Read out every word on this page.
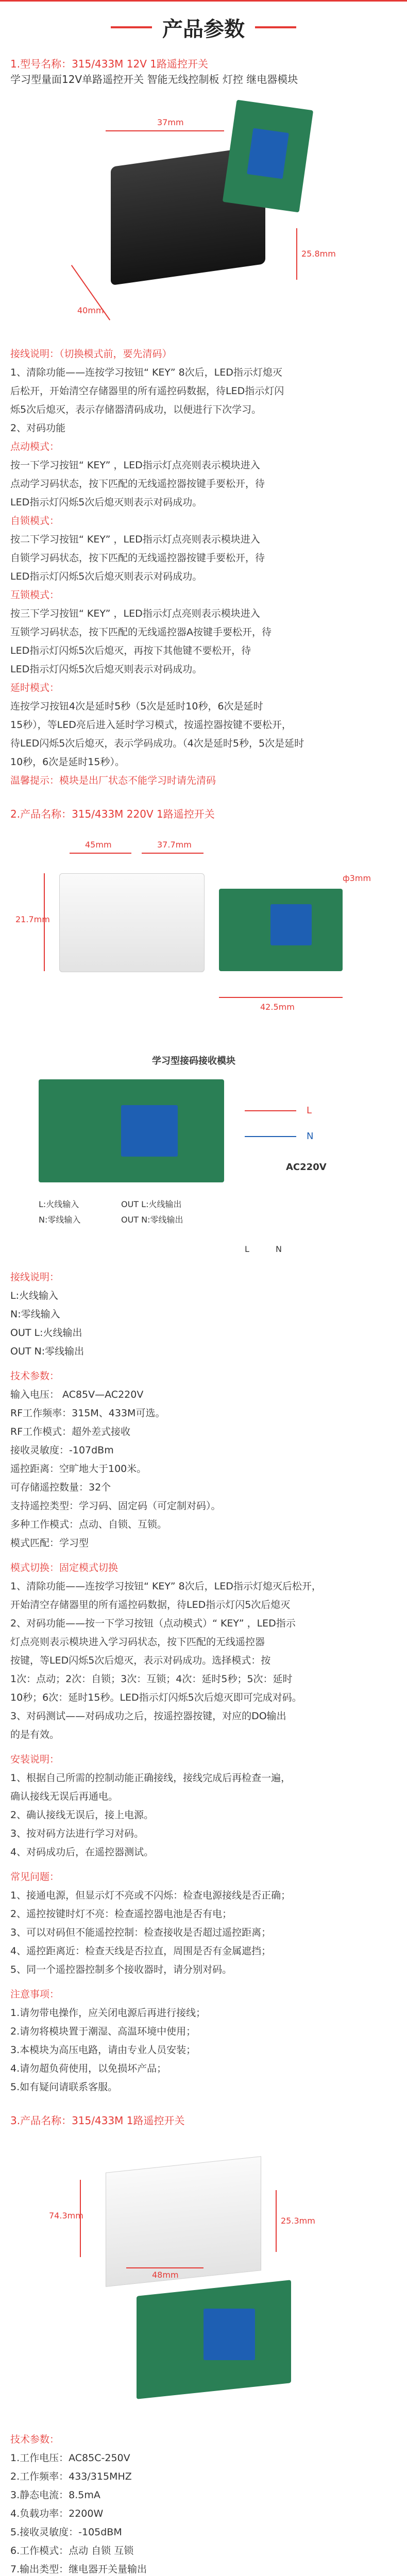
产品参数
1.型号名称：315/433M 12V 1路遥控开关
学习型量面12V单路遥控开关 智能无线控制板 灯控 继电器模块
37mm
40mm
25.8mm

接线说明：（切换模式前，要先清码）

1、清除功能——连按学习按钮“ KEY” 8次后，LED指示灯熄灭

后松开，开始清空存储器里的所有遥控码数据，待LED指示灯闪

烁5次后熄灭，表示存储器清码成功，以便进行下次学习。

2、对码功能

点动模式：

按一下学习按钮“ KEY” ，LED指示灯点亮则表示模块进入

点动学习码状态，按下匹配的无线遥控器按键手要松开，待

LED指示灯闪烁5次后熄灭则表示对码成功。

自锁模式：

按二下学习按钮“ KEY” ，LED指示灯点亮则表示模块进入

自锁学习码状态，按下匹配的无线遥控器按键手要松开，待

LED指示灯闪烁5次后熄灭则表示对码成功。

互锁模式：

按三下学习按钮“ KEY” ，LED指示灯点亮则表示模块进入

互锁学习码状态，按下匹配的无线遥控器A按键手要松开，待

LED指示灯闪烁5次后熄灭，再按下其他键不要松开，待

LED指示灯闪烁5次后熄灭则表示对码成功。

延时模式：

连按学习按钮4次是延时5秒（5次是延时10秒，6次是延时

15秒），等LED亮后进入延时学习模式，按遥控器按键不要松开，

待LED闪烁5次后熄灭，表示学码成功。（4次是延时5秒，5次是延时

10秒，6次是延时15秒）。

温馨提示：模块是出厂状态不能学习时请先清码

2.产品名称：315/433M 220V 1路遥控开关
45mm	37.7mm
21.7mm
ф3mm
42.5mm
学习型接码接收模块
L:火线输入
N:零线输入
OUT L:火线输出
OUT N:零线输出
L
N
AC220V
L	N

接线说明：

L:火线输入

N:零线输入

OUT L:火线输出

OUT N:零线输出

技术参数：

输入电压： AC85V—AC220V

RF工作频率：315M、433M可选。

RF工作模式：超外差式接收

接收灵敏度：-107dBm

遥控距离：空旷地大于100米。

可存储遥控数量：32个

支持遥控类型：学习码、固定码（可定制对码）。

多种工作模式：点动、自锁、互锁。

模式匹配：学习型

模式切换：固定模式切换

1、清除功能——连按学习按钮“ KEY” 8次后，LED指示灯熄灭后松开，

开始清空存储器里的所有遥控码数据，待LED指示灯闪5次后熄灭

2、对码功能——按一下学习按钮（点动模式）“ KEY” ，LED指示

灯点亮则表示模块进入学习码状态，按下匹配的无线遥控器

按键，等LED闪烁5次后熄灭，表示对码成功。选择模式：按

1次：点动；2次：自锁；3次：互锁；4次：延时5秒；5次：延时

10秒；6次：延时15秒。LED指示灯闪烁5次后熄灭即可完成对码。

3、对码测试——对码成功之后，按遥控器按键，对应的DO输出

的是有效。

安装说明：

1、根据自己所需的控制动能正确接线，接线完成后再检查一遍，

确认接线无误后再通电。

2、确认接线无误后，接上电源。

3、按对码方法进行学习对码。

4、对码成功后，在遥控器测试。

常见问题：

1、接通电源，但显示灯不亮或不闪烁：检查电源接线是否正确；

2、遥控按键时灯不亮：检查遥控器电池是否有电；

3、可以对码但不能遥控控制：检查接收是否超过遥控距离；

4、遥控距离近：检查天线是否拉直，周围是否有金属遮挡；

5、同一个遥控器控制多个接收器时，请分别对码。

注意事项：

1.请勿带电操作，应关闭电源后再进行接线；

2.请勿将模块置于潮湿、高温环境中使用；

3.本模块为高压电路，请由专业人员安装；

4.请勿超负荷使用，以免损坏产品；

5.如有疑问请联系客服。

3.产品名称：315/433M 1路遥控开关
74.3mm
25.3mm
48mm

技术参数：

1.工作电压：AC85C-250V

2.工作频率：433/315MHZ

3.静态电流：8.5mA

4.负载功率：2200W

5.接收灵敏度：-105dBM

6.工作模式：点动 自锁 互锁

7.输出类型：继电器开关量输出
